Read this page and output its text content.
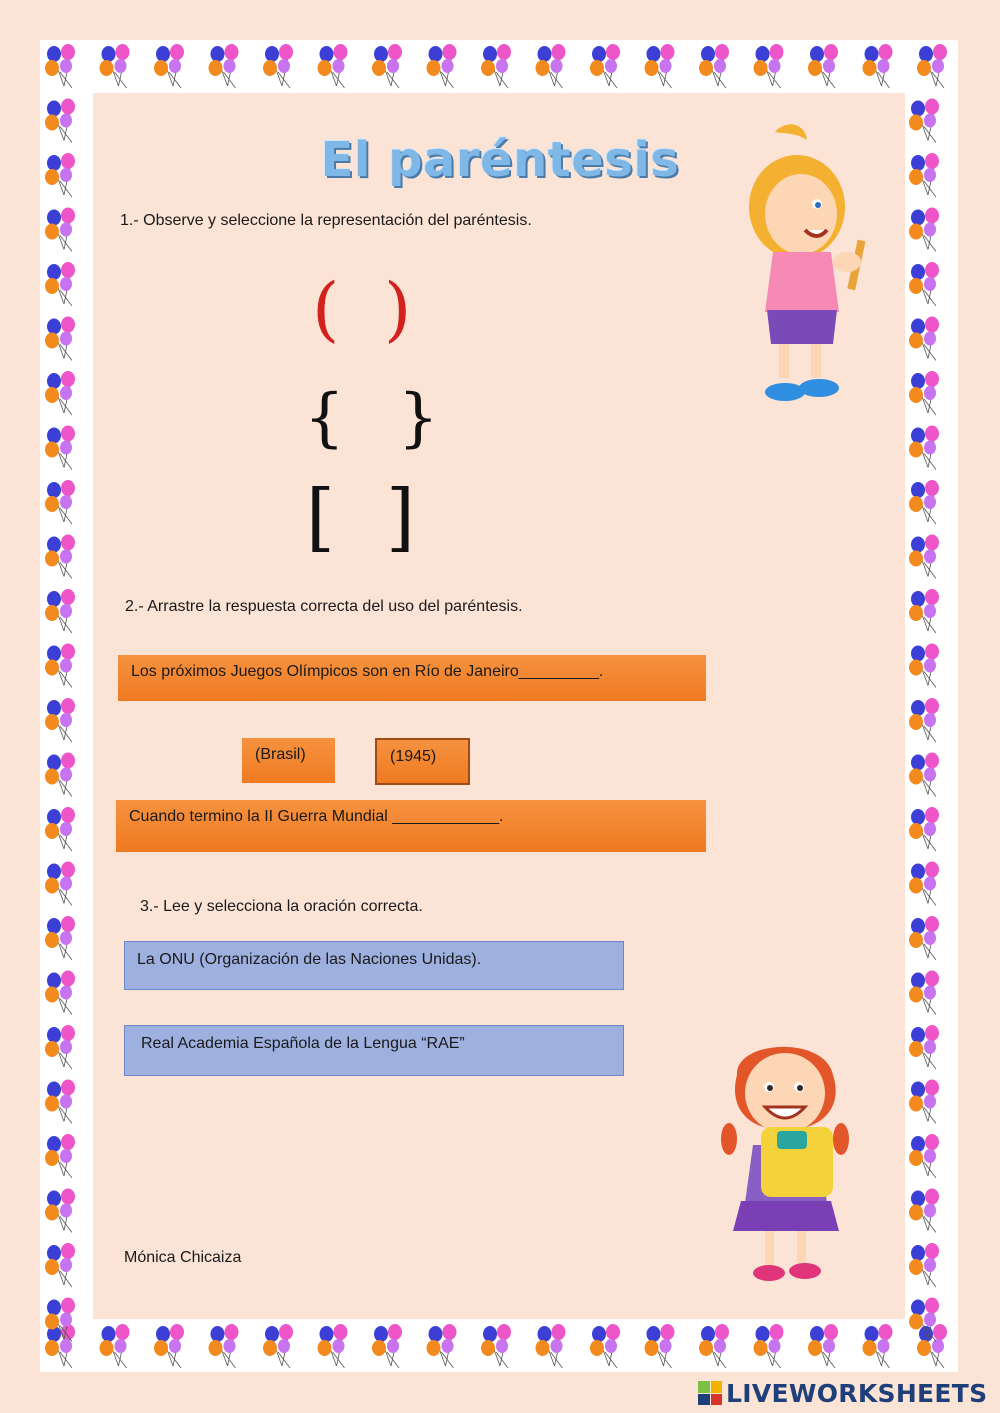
El paréntesis
1.- Observe y seleccione la representación del paréntesis.
( )
{ }
[ ]
2.- Arrastre la respuesta correcta del uso del paréntesis.
Los próximos Juegos Olímpicos son en Río de Janeiro_________.
(Brasil)	(1945)
Cuando termino la II Guerra Mundial ____________.
3.- Lee y selecciona la oración correcta.
La ONU (Organización de las Naciones Unidas).
Real Academia Española de la Lengua “RAE”
Mónica Chicaiza
LIVEWORKSHEETS
